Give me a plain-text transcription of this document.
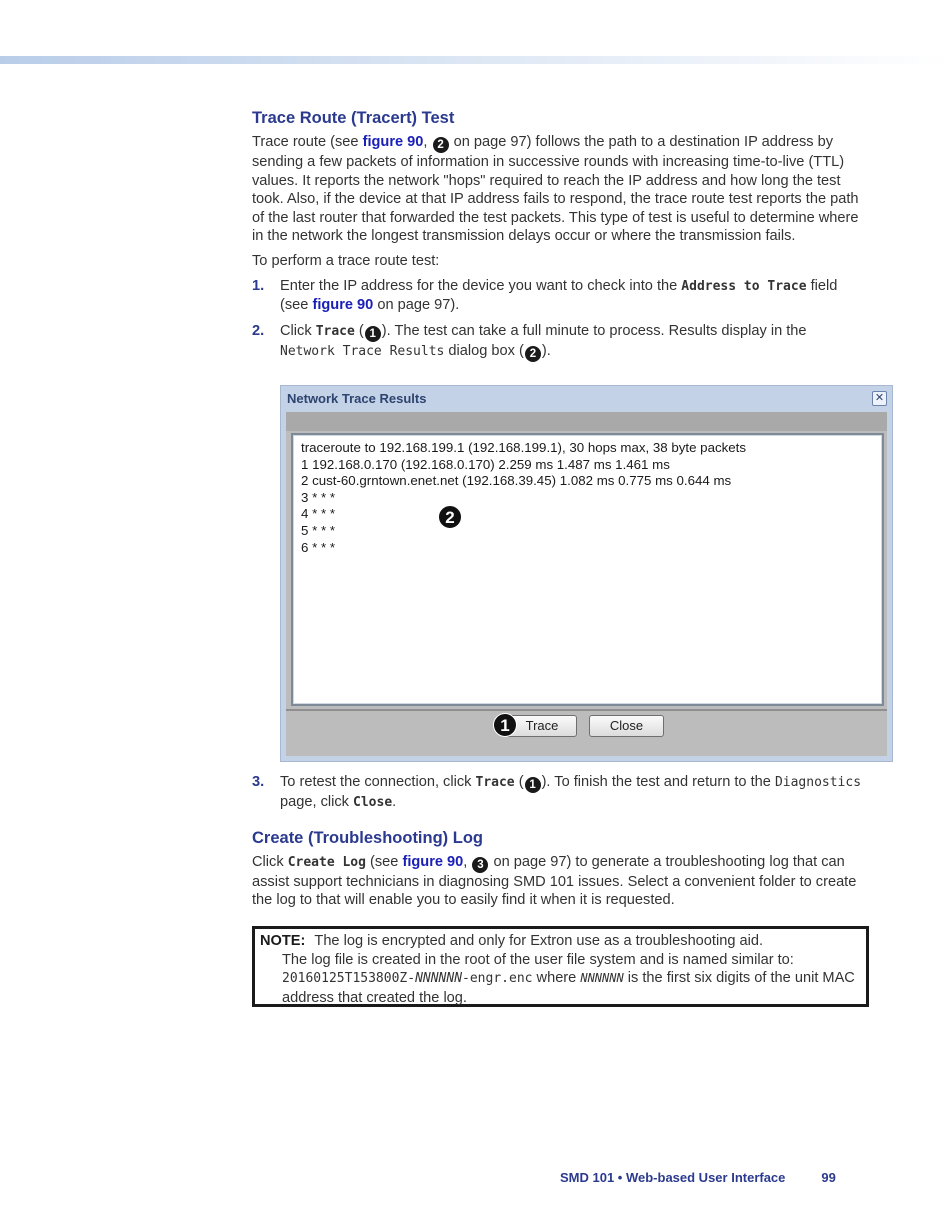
Trace Route (Tracert) Test

Trace route (see figure 90, 2 on page 97) follows the path to a destination IP address by sending a few packets of information in successive rounds with increasing time-to-live (TTL) values. It reports the network "hops" required to reach the IP address and how long the test took. Also, if the device at that IP address fails to respond, the trace route test reports the path of the last router that forwarded the test packets. This type of test is useful to determine where in the network the longest transmission delays occur or where the transmission fails.

To perform a trace route test:

1. Enter the IP address for the device you want to check into the Address to Trace field (see figure 90 on page 97).
2. Click Trace ( 1 ). The test can take a full minute to process. Results display in the Network Trace Results dialog box ( 2 ).
Network Trace Results	✕
traceroute to 192.168.199.1 (192.168.199.1), 30 hops max, 38 byte packets
1 192.168.0.170 (192.168.0.170) 2.259 ms 1.487 ms 1.461 ms
2 cust-60.grntown.enet.net (192.168.39.45) 1.082 ms 0.775 ms 0.644 ms
3 * * *
4 * * *
5 * * *
6 * * *
Trace	Close
2
1
3. To retest the connection, click Trace ( 1 ). To finish the test and return to the Diagnostics page, click Close.
Create (Troubleshooting) Log

Click Create Log (see figure 90, 3 on page 97) to generate a troubleshooting log that can assist support technicians in diagnosing SMD 101 issues. Select a convenient folder to create the log to that will enable you to easily find it when it is requested.

NOTE: The log is encrypted and only for Extron use as a troubleshooting aid.

The log file is created in the root of the user file system and is named similar to:

20160125T153800Z-NNNNNN-engr.enc where NNNNNN is the first six digits of the unit MAC address that created the log.

SMD 101 • Web-based User Interface	99
